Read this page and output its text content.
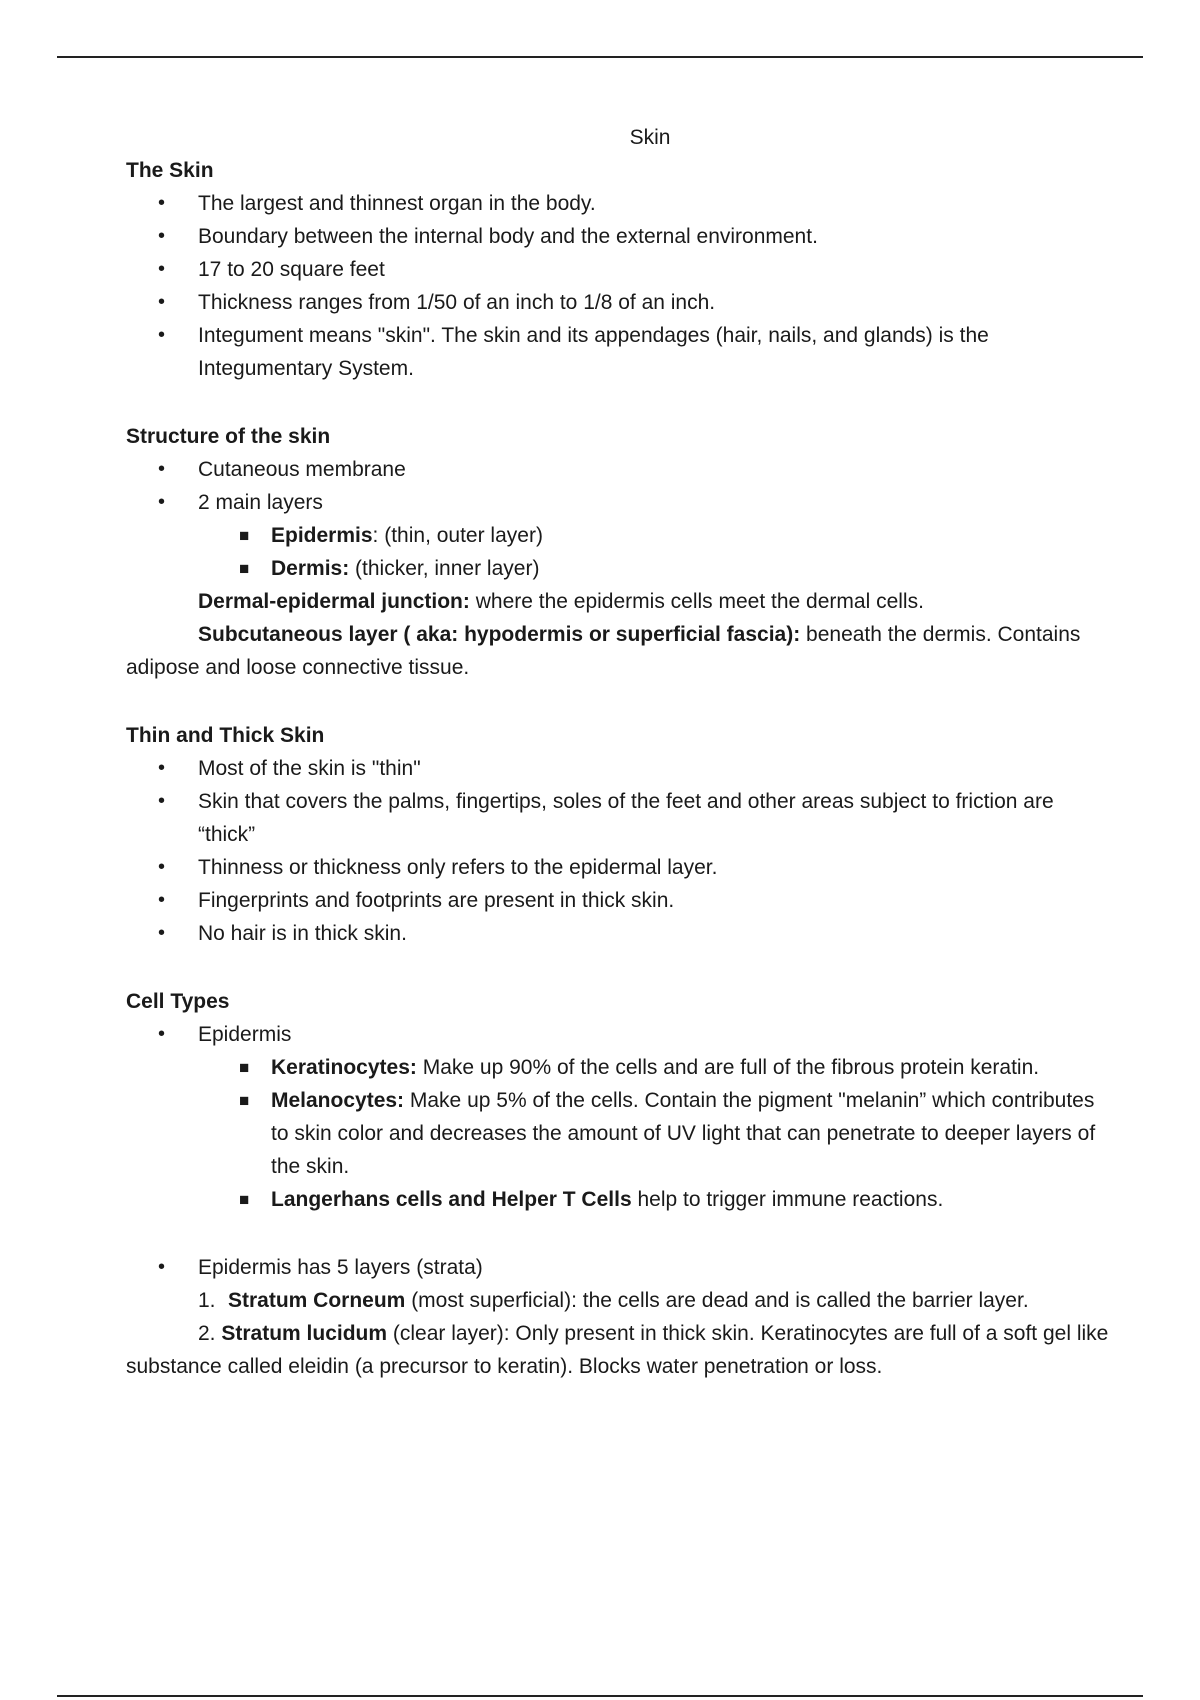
Skin
The Skin
• The largest and thinnest organ in the body.
• Boundary between the internal body and the external environment.
• 17 to 20 square feet
• Thickness ranges from 1/50 of an inch to 1/8 of an inch.
• Integument means "skin". The skin and its appendages (hair, nails, and glands) is the Integumentary System.
Structure of the skin
• Cutaneous membrane
• 2 main layers
■ Epidermis: (thin, outer layer)
■ Dermis: (thicker, inner layer)
Dermal-epidermal junction: where the epidermis cells meet the dermal cells.
Subcutaneous layer ( aka: hypodermis or superficial fascia): beneath the dermis. Contains adipose and loose connective tissue.
Thin and Thick Skin
• Most of the skin is "thin"
• Skin that covers the palms, fingertips, soles of the feet and other areas subject to friction are “thick”
• Thinness or thickness only refers to the epidermal layer.
• Fingerprints and footprints are present in thick skin.
• No hair is in thick skin.
Cell Types
• Epidermis
■ Keratinocytes: Make up 90% of the cells and are full of the fibrous protein keratin.
■ Melanocytes: Make up 5% of the cells. Contain the pigment "melanin” which contributes to skin color and decreases the amount of UV light that can penetrate to deeper layers of the skin.
■ Langerhans cells and Helper T Cells help to trigger immune reactions.
• Epidermis has 5 layers (strata)
1. Stratum Corneum (most superficial): the cells are dead and is called the barrier layer.
2. Stratum lucidum (clear layer): Only present in thick skin. Keratinocytes are full of a soft gel like substance called eleidin (a precursor to keratin). Blocks water penetration or loss.
